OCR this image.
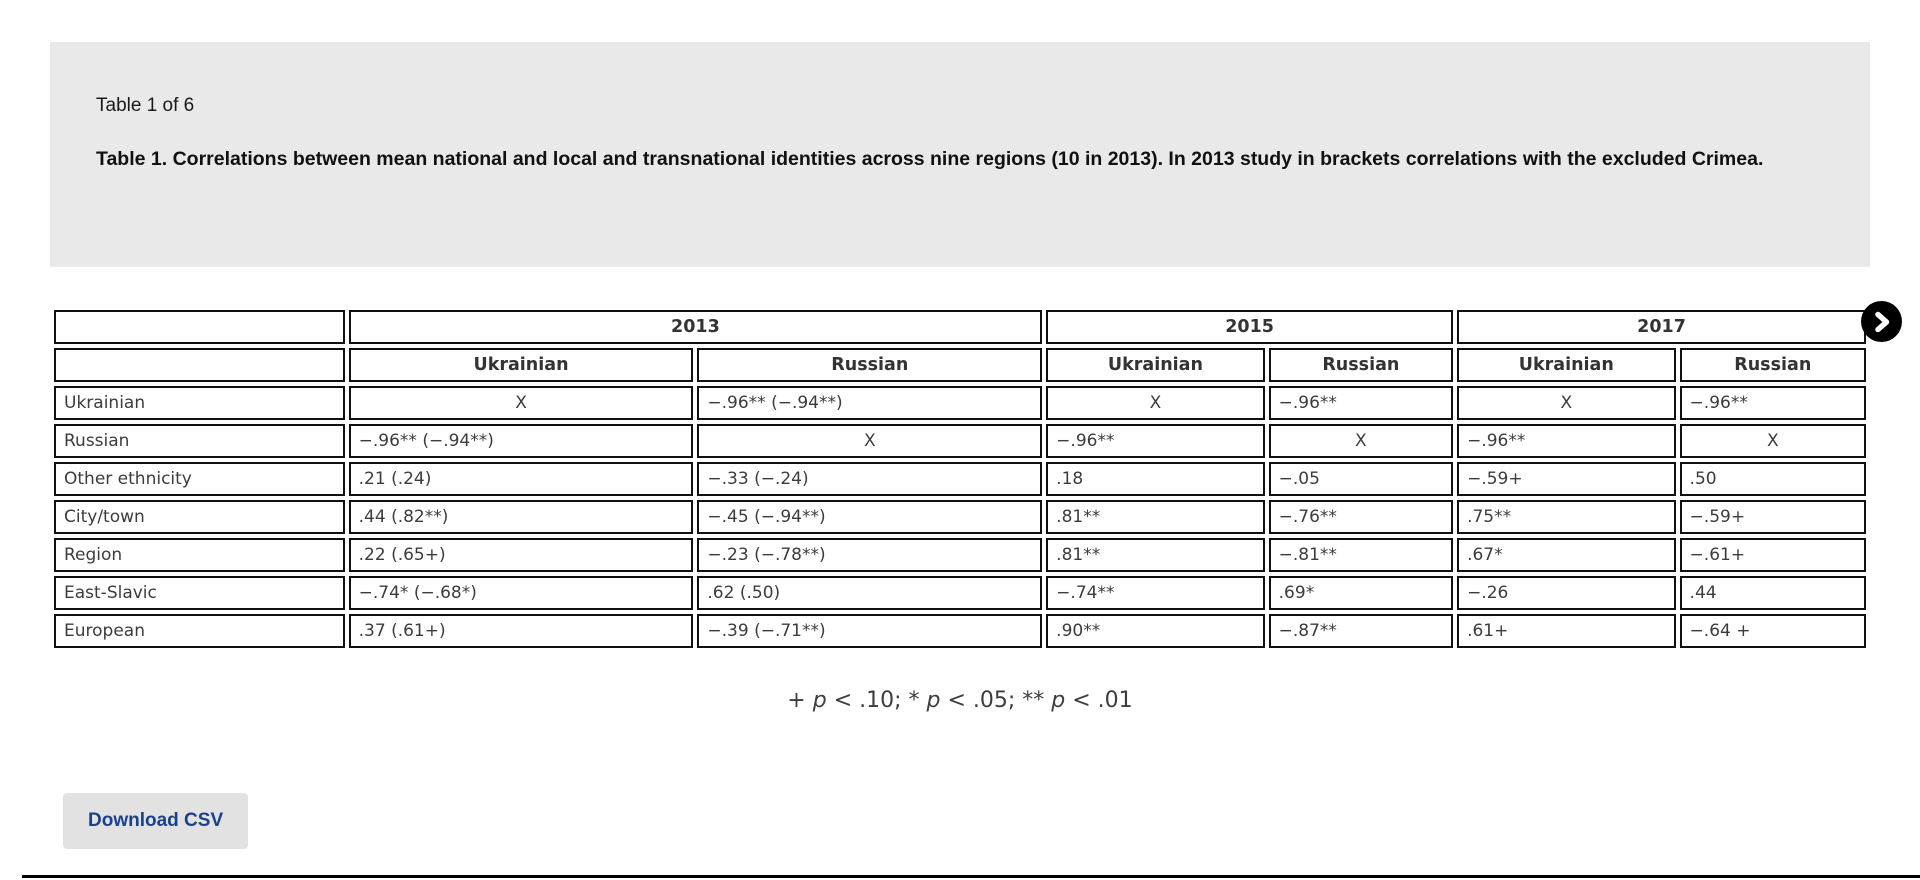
Table 1 of 6

Table 1. Correlations between mean national and local and transnational identities across nine regions (10 in 2013). In 2013 study in brackets correlations with the excluded Crimea.

	2013		2015		2017	
	Ukrainian	Russian	Ukrainian	Russian	Ukrainian	Russian
Ukrainian	X	−.96** (−.94**)	X	−.96**	X	−.96**
Russian	−.96** (−.94**)	X	−.96**	X	−.96**	X
Other ethnicity	.21 (.24)	−.33 (−.24)	.18	−.05	−.59+	.50
City/town	.44 (.82**)	−.45 (−.94**)	.81**	−.76**	.75**	−.59+
Region	.22 (.65+)	−.23 (−.78**)	.81**	−.81**	.67*	−.61+
East-Slavic	−.74* (−.68*)	.62 (.50)	−.74**	.69*	−.26	.44
European	.37 (.61+)	−.39 (−.71**)	.90**	−.87**	.61+	−.64 +
+ p < .10; * p < .05; ** p < .01
Download CSV
